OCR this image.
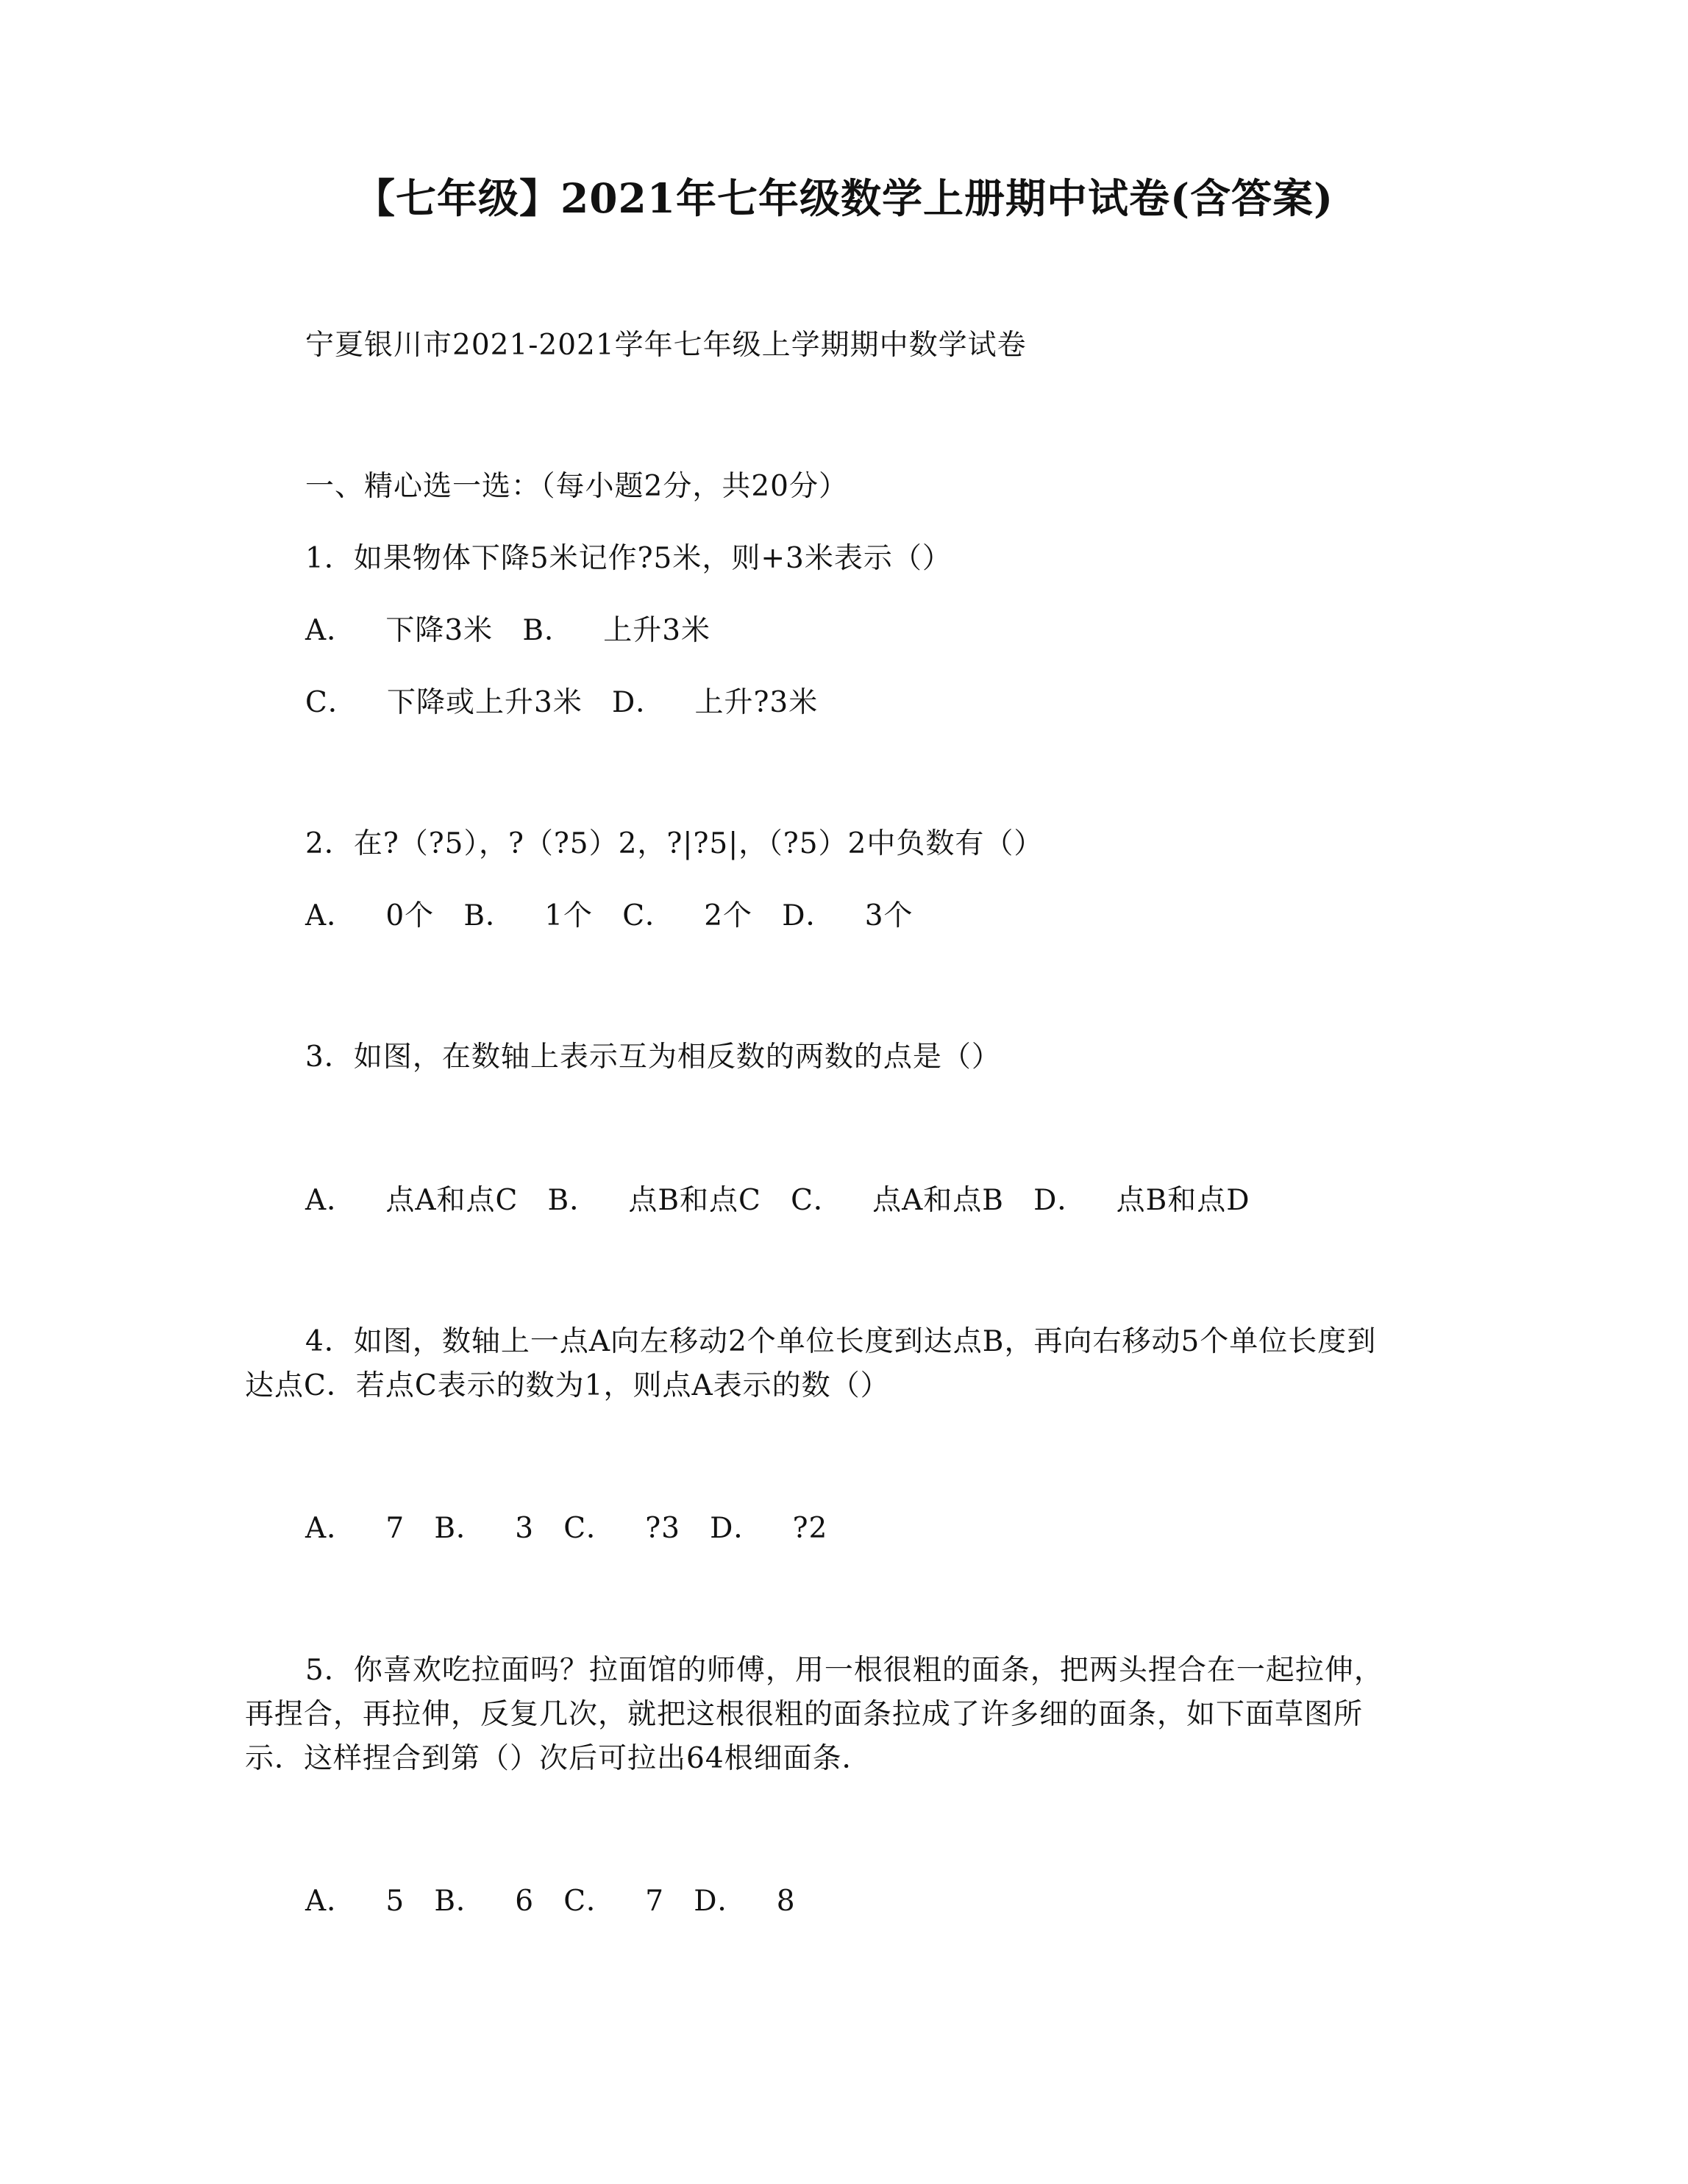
【七年级】2021年七年级数学上册期中试卷(含答案)
宁夏银川市2021-2021学年七年级上学期期中数学试卷
一、精心选一选：（每小题2分，共20分）
1．如果物体下降5米记作?5米，则+3米表示（）
A．   下降3米   B．   上升3米
C．   下降或上升3米   D．   上升?3米
2．在?（?5），?（?5）2，?|?5|，（?5）2中负数有（）
A．   0个   B．   1个   C．   2个   D．   3个
3．如图，在数轴上表示互为相反数的两数的点是（）
A．   点A和点C   B．   点B和点C   C．   点A和点B   D．   点B和点D
4．如图，数轴上一点A向左移动2个单位长度到达点B，再向右移动5个单位长度到
达点C．若点C表示的数为1，则点A表示的数（）
A．   7   B．   3   C．   ?3   D．   ?2
5．你喜欢吃拉面吗？拉面馆的师傅，用一根很粗的面条，把两头捏合在一起拉伸，
再捏合，再拉伸，反复几次，就把这根很粗的面条拉成了许多细的面条，如下面草图所
示．这样捏合到第（）次后可拉出64根细面条．
A．   5   B．   6   C．   7   D．   8
